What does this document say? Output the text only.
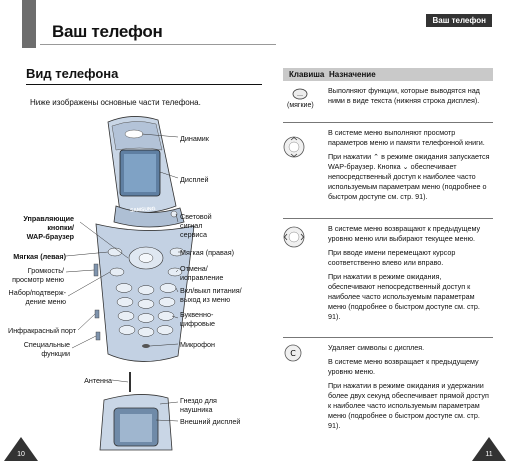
Ваш телефон
Ваш телефон
Вид телефона
Ниже изображены основные части телефона.
Управляющие
кнопки/
WAP-браузер
Мягкая (левая)
Громкость/
просмотр меню
Набор/подтверж-
дение меню
Инфракрасный порт
Специальные
функции
Антенна
Динамик
Дисплей
Световой
сигнал
сервиса
Мягкая (правая)
Отмена/
исправление
Вкл/выкл питания/
выход из меню
Буквенно-
цифровые
Микрофон
Гнездо для
наушника
Внешний дисплей
SAMSUNG
Клавиша Назначение
…
(мягкие)
Выполняют функции, которые выводятся над ними в виде текста (нижняя строка дисплея).
В системе меню выполняют просмотр параметров меню и памяти телефонной книги.
При нажатии ⌃ в режиме ожидания запускается WAP-браузер. Кнопка ⌄ обеспечивает непосредственный доступ к наиболее часто используемым параметрам меню (подробнее о быстром доступе см. стр. 91).
В системе меню возвращают к предыдущему уровню меню или выбирают текущее меню.
При вводе имени перемещают курсор соответственно влево или вправо.
При нажатии в режиме ожидания, обеспечивают непосредственный доступ к наиболее часто используемым параметрам меню (подробнее о быстром доступе см. стр. 91).
C
Удаляет символы с дисплея.
В системе меню возвращает к предыдущему уровню меню.
При нажатии в режиме ожидания и удержании более двух секунд обеспечивает прямой доступ к наиболее часто используемым параметрам меню (подробнее о быстром доступе см. стр. 91).
10	11
